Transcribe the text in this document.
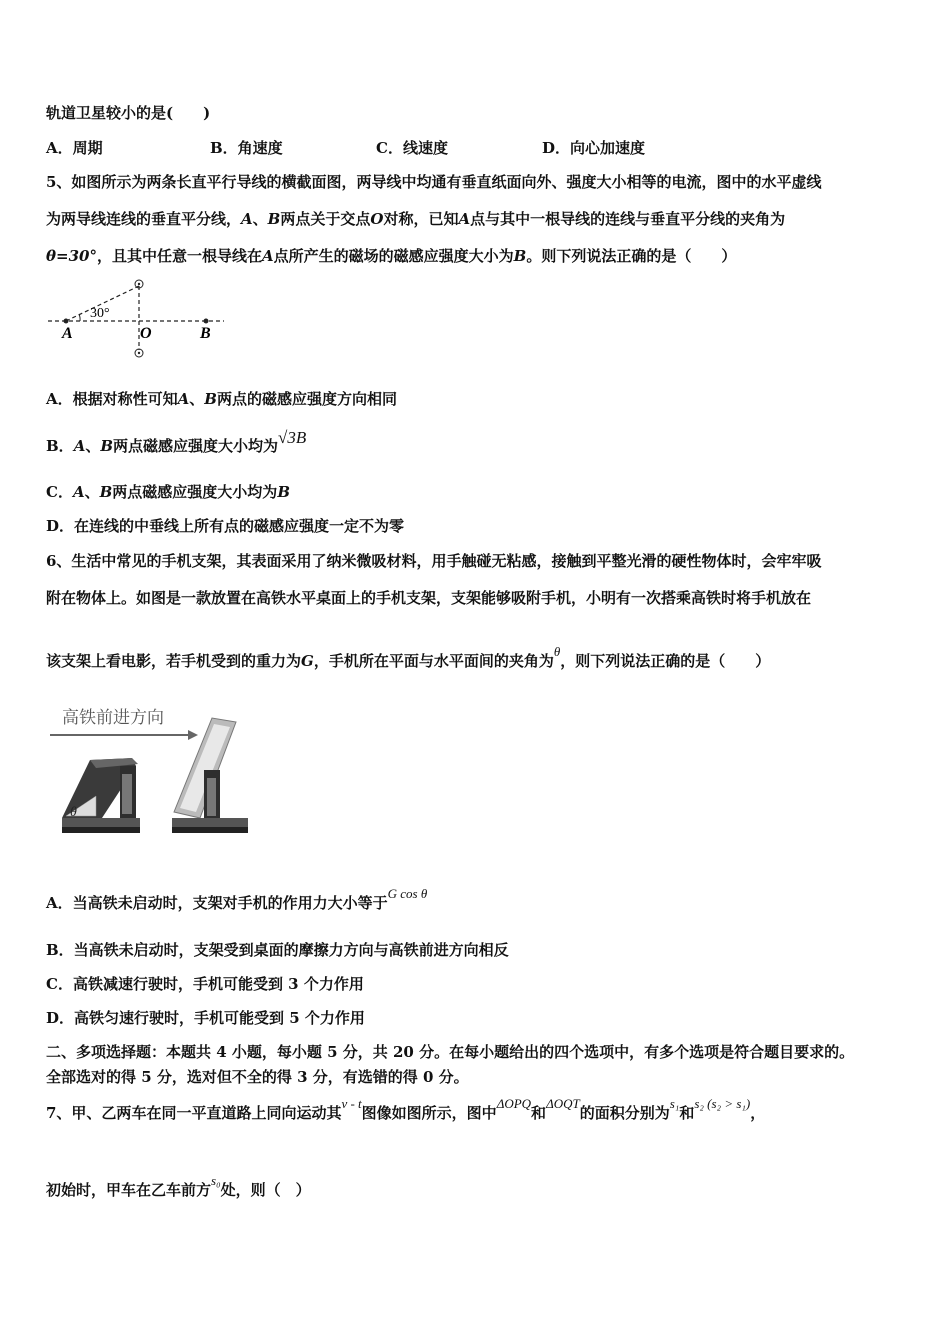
轨道卫星较小的是(　　)
A．周期	B．角速度	C．线速度	D．向心加速度
5、如图所示为两条长直平行导线的横截面图，两导线中均通有垂直纸面向外、强度大小相等的电流，图中的水平虚线
为两导线连线的垂直平分线，A、B两点关于交点O对称，已知A点与其中一根导线的连线与垂直平分线的夹角为
θ=30°，且其中任意一根导线在A点所产生的磁场的磁感应强度大小为B。则下列说法正确的是（　　）
30°
A	O	B
A．根据对称性可知A、B两点的磁感应强度方向相同
B．A、B两点磁感应强度大小均为√3B
C．A、B两点磁感应强度大小均为B
D．在连线的中垂线上所有点的磁感应强度一定不为零
6、生活中常见的手机支架，其表面采用了纳米微吸材料，用手触碰无粘感，接触到平整光滑的硬性物体时，会牢牢吸
附在物体上。如图是一款放置在高铁水平桌面上的手机支架，支架能够吸附手机，小明有一次搭乘高铁时将手机放在
该支架上看电影，若手机受到的重力为G，手机所在平面与水平面间的夹角为θ，则下列说法正确的是（　　）
高铁前进方向
θ
A．当高铁未启动时，支架对手机的作用力大小等于G cos θ
B．当高铁未启动时，支架受到桌面的摩擦力方向与高铁前进方向相反
C．高铁减速行驶时，手机可能受到 3 个力作用
D．高铁匀速行驶时，手机可能受到 5 个力作用
二、多项选择题：本题共 4 小题，每小题 5 分，共 20 分。在每小题给出的四个选项中，有多个选项是符合题目要求的。
全部选对的得 5 分，选对但不全的得 3 分，有选错的得 0 分。
7、甲、乙两车在同一平直道路上同向运动其v - t图像如图所示，图中ΔOPQ和ΔOQT的面积分别为s₁和s₂ (s₂ > s₁)，
初始时，甲车在乙车前方s₀处，则（　）
